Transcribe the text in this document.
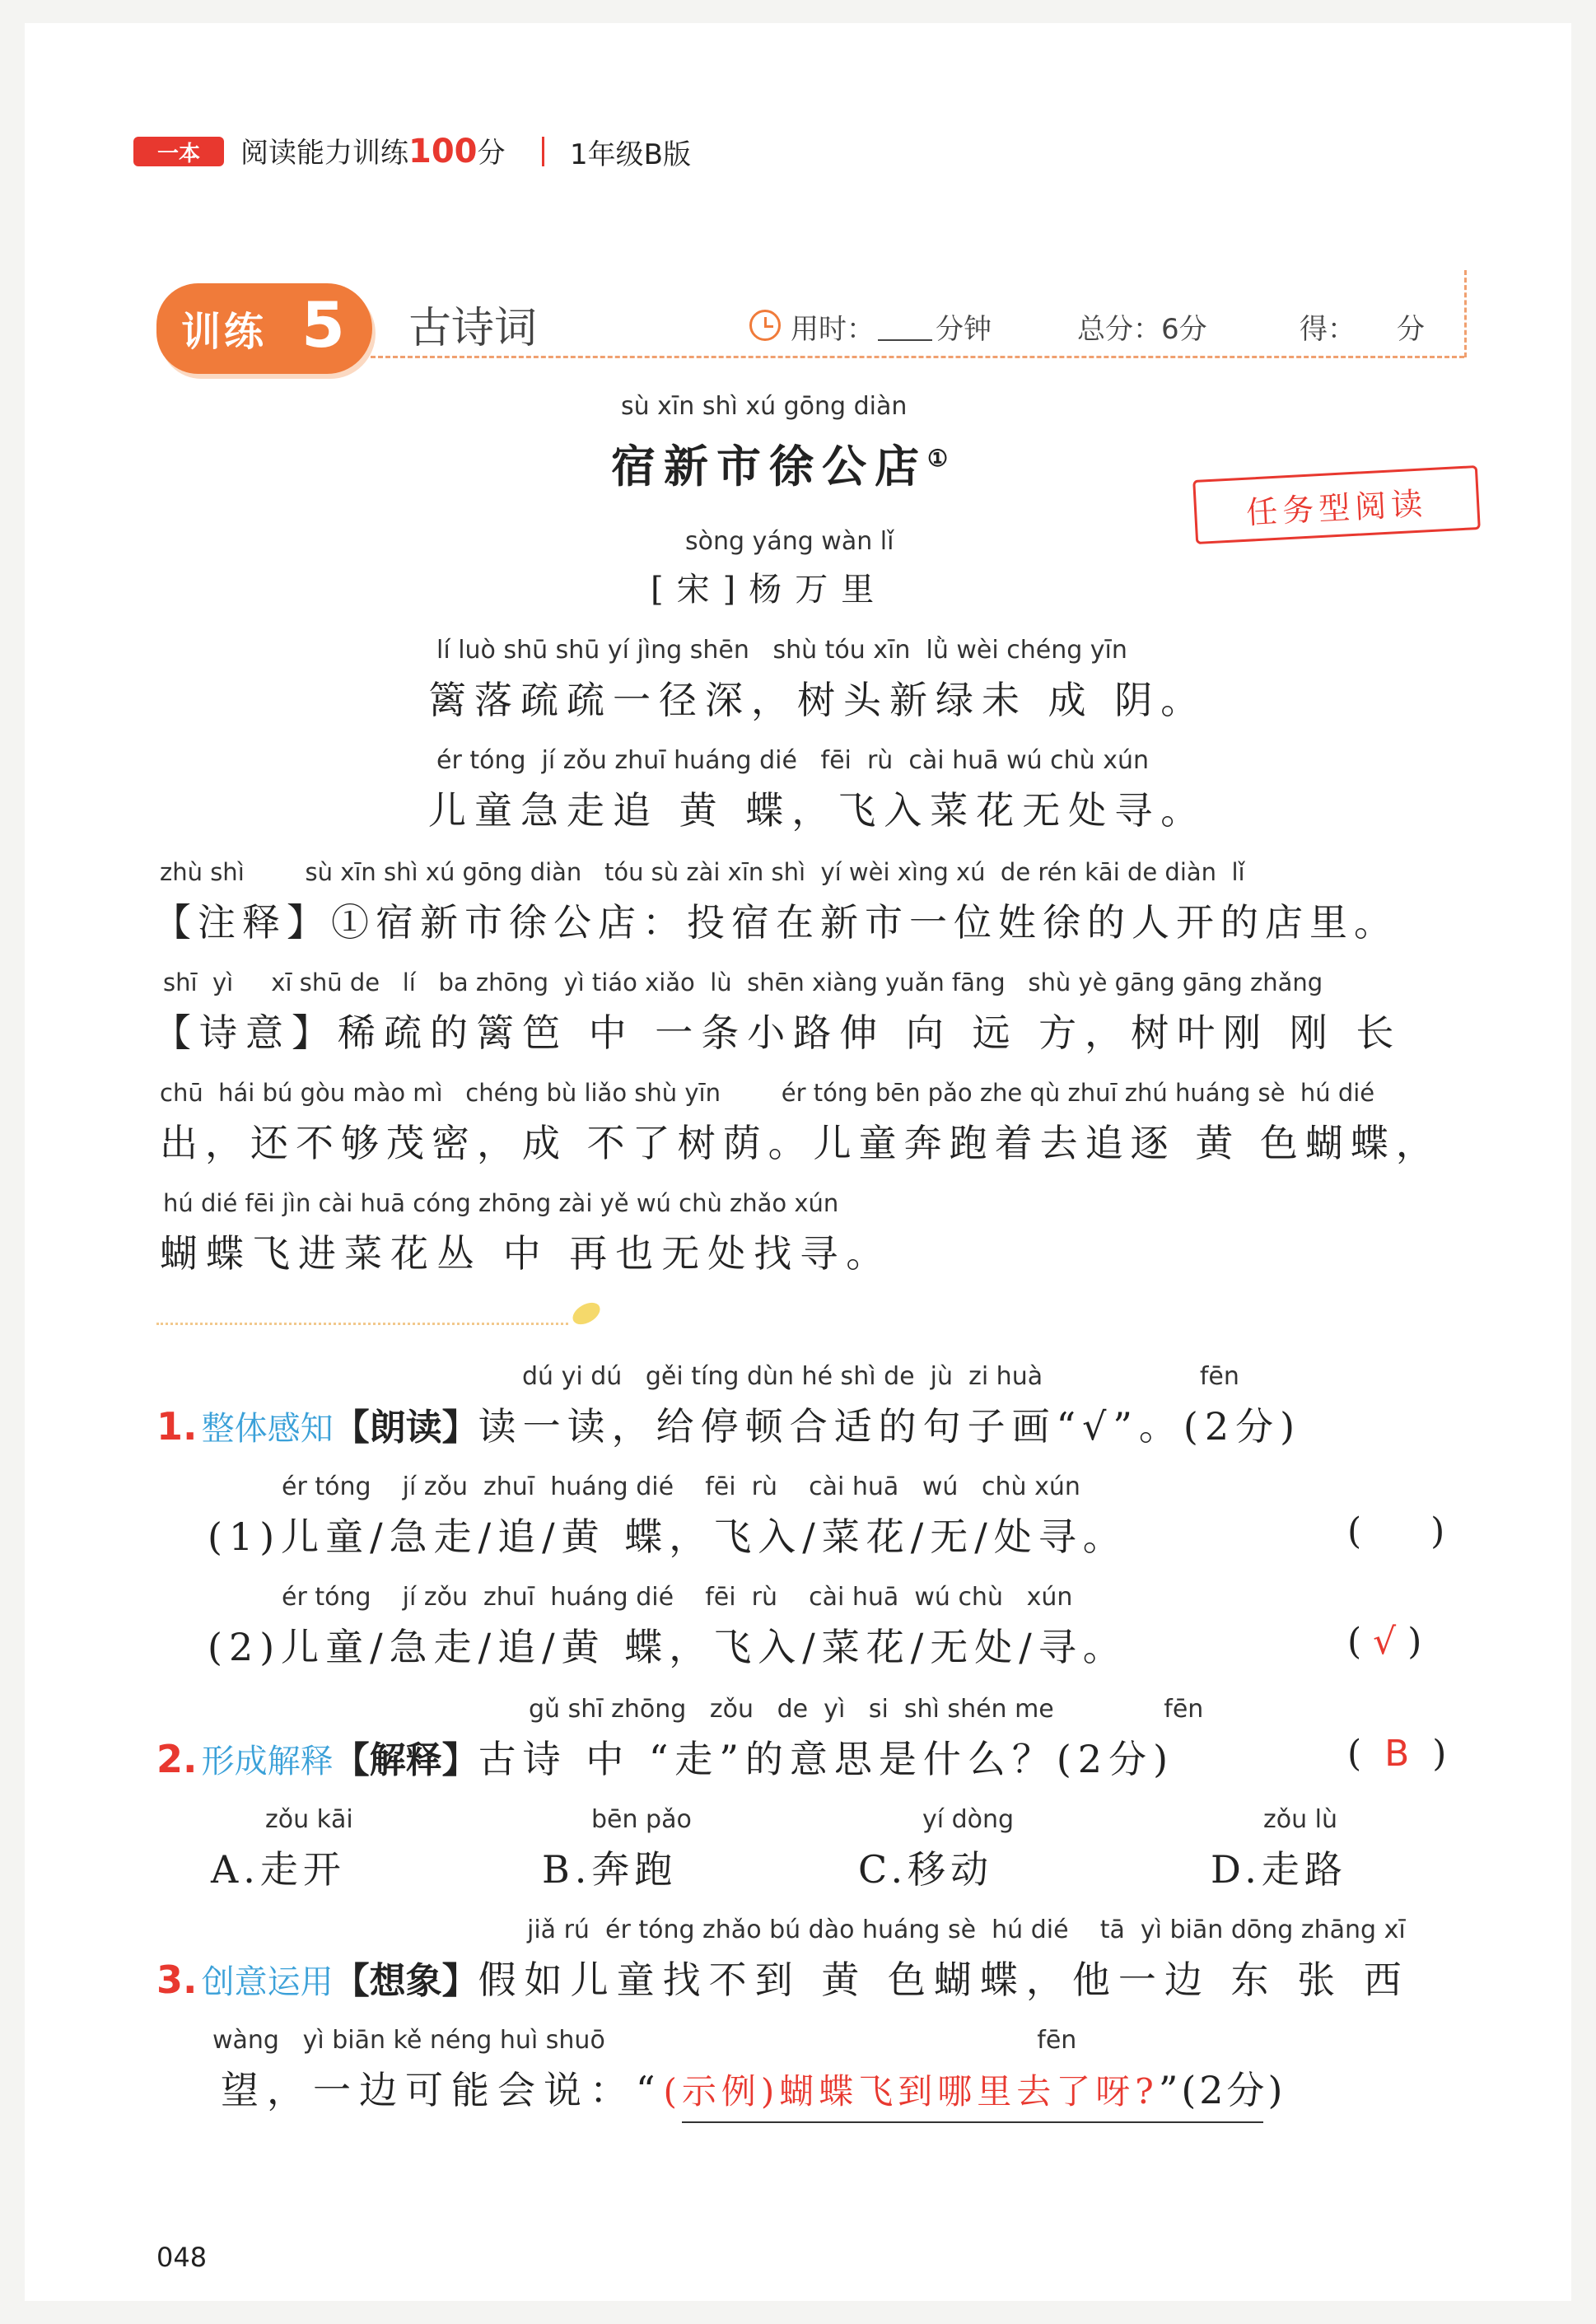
一本	阅读能力训练100分 1年级B版
训练 5 古诗词	用时： 分钟	总分：6分	得： 分
任务型阅读
sù xīn shì xú gōng diàn
宿新市徐公店①
sòng yáng wàn lǐ
[宋]杨万里
lí luò shū shū yí jìng shēn   shù tóu xīn  lǜ wèi chéng yīn
篱落疏疏一径深，树头新绿未 成 阴。
ér tóng  jí zǒu zhuī huáng dié   fēi  rù  cài huā wú chù xún
儿童急走追 黄 蝶，飞入菜花无处寻。
zhù shì        sù xīn shì xú gōng diàn   tóu sù zài xīn shì  yí wèi xìng xú  de rén kāi de diàn  lǐ
【注释】①宿新市徐公店：投宿在新市一位姓徐的人开的店里。
shī  yì     xī shū de   lí   ba zhōng  yì tiáo xiǎo  lù  shēn xiàng yuǎn fāng   shù yè gāng gāng zhǎng
【诗意】稀疏的篱笆 中 一条小路伸 向 远 方，树叶刚 刚 长
chū  hái bú gòu mào mì   chéng bù liǎo shù yīn        ér tóng bēn pǎo zhe qù zhuī zhú huáng sè  hú dié
出，还不够茂密，成 不了树荫。儿童奔跑着去追逐 黄 色蝴蝶，
hú dié fēi jìn cài huā cóng zhōng zài yě wú chù zhǎo xún
蝴蝶飞进菜花丛 中 再也无处找寻。
dú yi dú   gěi tíng dùn hé shì de  jù  zi huà                    fēn
1. 整体感知【朗读】读一读，给停顿合适的句子画“√”。(2分)
ér tóng    jí zǒu  zhuī  huáng dié    fēi  rù    cài huā   wú   chù xún
(1)儿童/急走/追/黄 蝶，飞入/菜花/无/处寻。	(      )
ér tóng    jí zǒu  zhuī  huáng dié    fēi  rù    cài huā  wú chù   xún
(2)儿童/急走/追/黄 蝶，飞入/菜花/无处/寻。	( √ )
gǔ shī zhōng   zǒu   de  yì   si  shì shén me              fēn
2. 形成解释【解释】古诗 中 “走”的意思是什么？(2分)	(  B  )
zǒu kāi
A.走开
bēn pǎo
B.奔跑
yí dòng
C.移动
zǒu lù
D.走路
jiǎ rú  ér tóng zhǎo bú dào huáng sè  hú dié    tā  yì biān dōng zhāng xī
3. 创意运用【想象】假如儿童找不到 黄 色蝴蝶，他一边 东 张 西
wàng   yì biān kě néng huì shuō                                                       fēn
望，一边可能会说：“(示例)蝴蝶飞到哪里去了呀?”(2分)
048
